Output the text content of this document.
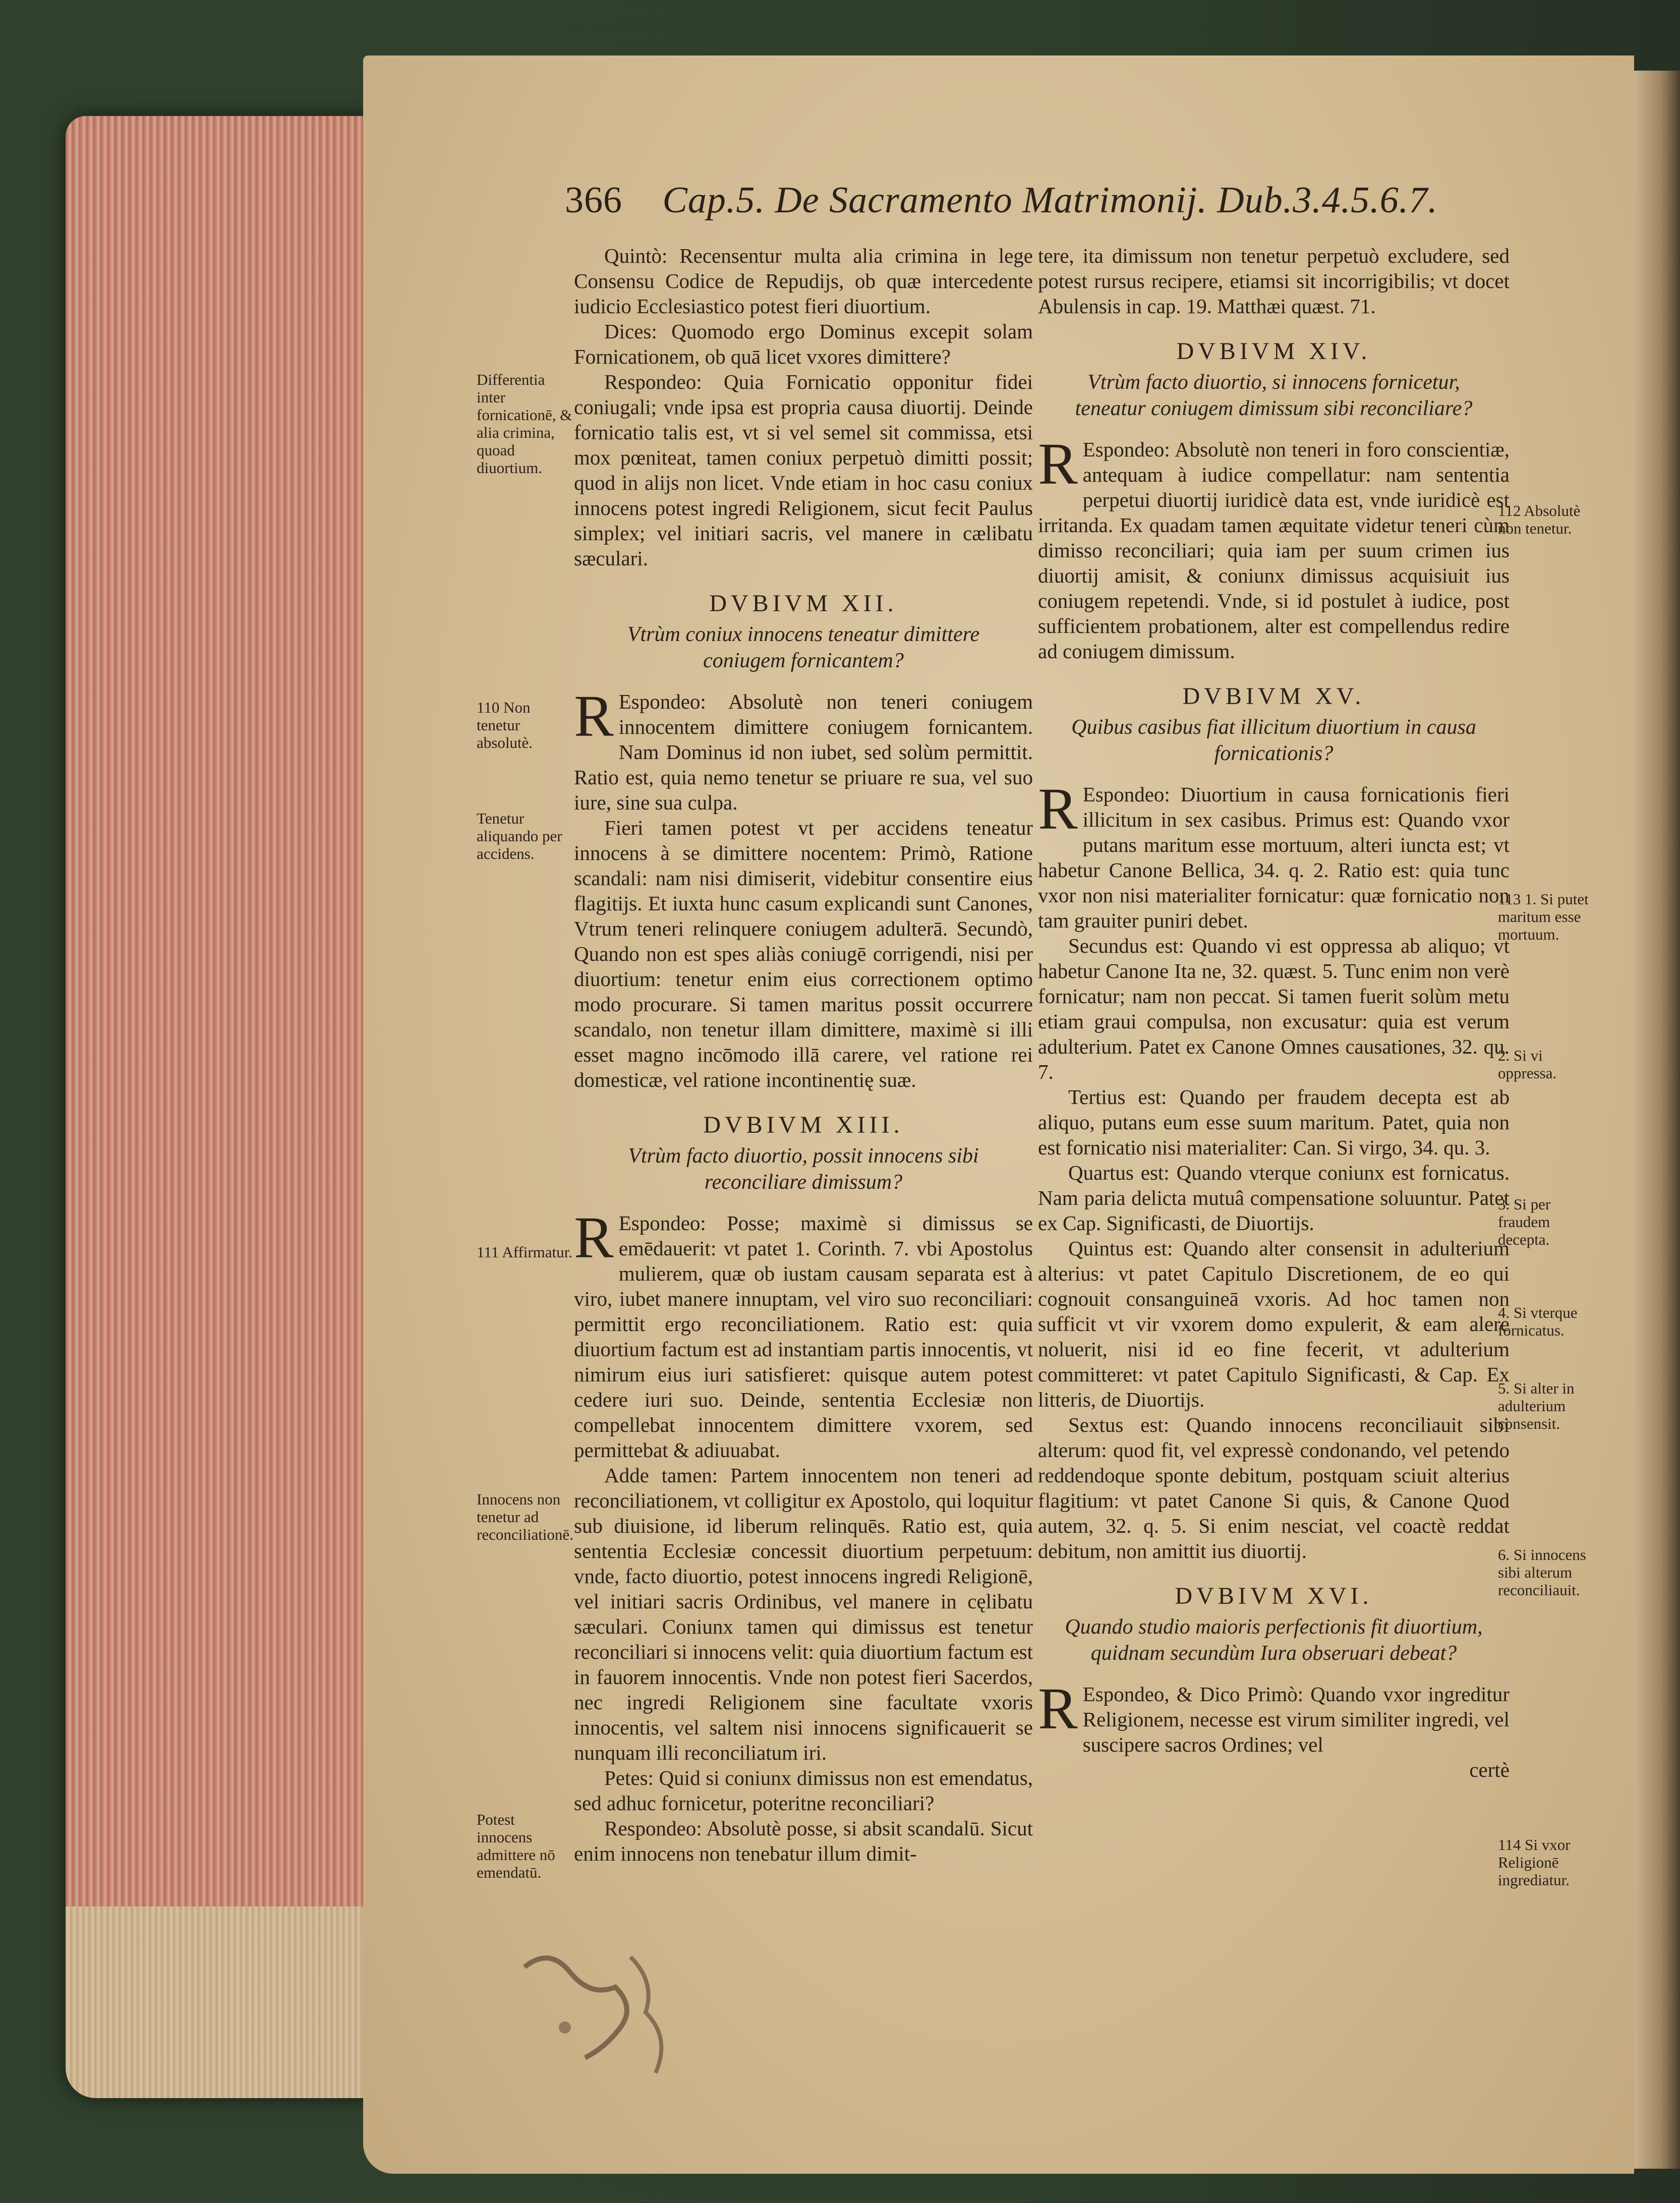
366 Cap.5. De Sacramento Matrimonij. Dub.3.4.5.6.7.

Quintò: Recensentur multa alia crimina in lege Consensu Codice de Repudijs, ob quæ intercedente iudicio Ecclesiastico potest fieri diuortium.

Dices: Quomodo ergo Dominus excepit solam Fornicationem, ob quā licet vxores dimittere?

Respondeo: Quia Fornicatio opponitur fidei coniugali; vnde ipsa est propria causa diuortij. Deinde fornicatio talis est, vt si vel semel sit commissa, etsi mox pœniteat, tamen coniux perpetuò dimitti possit; quod in alijs non licet. Vnde etiam in hoc casu coniux innocens potest ingredi Religionem, sicut fecit Paulus simplex; vel initiari sacris, vel manere in cælibatu sæculari.

DVBIVM XII.
Vtrùm coniux innocens teneatur dimittere coniugem fornicantem?

R Espondeo: Absolutè non teneri coniugem innocentem dimittere coniugem fornicantem. Nam Dominus id non iubet, sed solùm permittit. Ratio est, quia nemo tenetur se priuare re sua, vel suo iure, sine sua culpa.

Fieri tamen potest vt per accidens teneatur innocens à se dimittere nocentem: Primò, Ratione scandali: nam nisi dimiserit, videbitur consentire eius flagitijs. Et iuxta hunc casum explicandi sunt Canones, Vtrum teneri relinquere coniugem adulterā. Secundò, Quando non est spes aliàs coniugē corrigendi, nisi per diuortium: tenetur enim eius correctionem optimo modo procurare. Si tamen maritus possit occurrere scandalo, non tenetur illam dimittere, maximè si illi esset magno incōmodo illā carere, vel ratione rei domesticæ, vel ratione incontinentię suæ.

DVBIVM XIII.
Vtrùm facto diuortio, possit innocens sibi reconciliare dimissum?

R Espondeo: Posse; maximè si dimissus se emēdauerit: vt patet 1. Corinth. 7. vbi Apostolus mulierem, quæ ob iustam causam separata est à viro, iubet manere innuptam, vel viro suo reconciliari: permittit ergo reconciliationem. Ratio est: quia diuortium factum est ad instantiam partis innocentis, vt nimirum eius iuri satisfieret: quisque autem potest cedere iuri suo. Deinde, sententia Ecclesiæ non compellebat innocentem dimittere vxorem, sed permittebat & adiuuabat.

Adde tamen: Partem innocentem non teneri ad reconciliationem, vt colligitur ex Apostolo, qui loquitur sub diuisione, id liberum relinquēs. Ratio est, quia sententia Ecclesiæ concessit diuortium perpetuum: vnde, facto diuortio, potest innocens ingredi Religionē, vel initiari sacris Ordinibus, vel manere in cęlibatu sæculari. Coniunx tamen qui dimissus est tenetur reconciliari si innocens velit: quia diuortium factum est in fauorem innocentis. Vnde non potest fieri Sacerdos, nec ingredi Religionem sine facultate vxoris innocentis, vel saltem nisi innocens significauerit se nunquam illi reconciliatum iri.

Petes: Quid si coniunx dimissus non est emendatus, sed adhuc fornicetur, poteritne reconciliari?

Respondeo: Absolutè posse, si absit scandalū. Sicut enim innocens non tenebatur illum dimit-

tere, ita dimissum non tenetur perpetuò excludere, sed potest rursus recipere, etiamsi sit incorrigibilis; vt docet Abulensis in cap. 19. Matthæi quæst. 71.

DVBIVM XIV.
Vtrùm facto diuortio, si innocens fornicetur, teneatur coniugem dimissum sibi reconciliare?

R Espondeo: Absolutè non teneri in foro conscientiæ, antequam à iudice compellatur: nam sententia perpetui diuortij iuridicè data est, vnde iuridicè est irritanda. Ex quadam tamen æquitate videtur teneri cùm dimisso reconciliari; quia iam per suum crimen ius diuortij amisit, & coniunx dimissus acquisiuit ius coniugem repetendi. Vnde, si id postulet à iudice, post sufficientem probationem, alter est compellendus redire ad coniugem dimissum.

DVBIVM XV.
Quibus casibus fiat illicitum diuortium in causa fornicationis?

R Espondeo: Diuortium in causa fornicationis fieri illicitum in sex casibus. Primus est: Quando vxor putans maritum esse mortuum, alteri iuncta est; vt habetur Canone Bellica, 34. q. 2. Ratio est: quia tunc vxor non nisi materialiter fornicatur: quæ fornicatio non tam grauiter puniri debet.

Secundus est: Quando vi est oppressa ab aliquo; vt habetur Canone Ita ne, 32. quæst. 5. Tunc enim non verè fornicatur; nam non peccat. Si tamen fuerit solùm metu etiam graui compulsa, non excusatur: quia est verum adulterium. Patet ex Canone Omnes causationes, 32. qu. 7.

Tertius est: Quando per fraudem decepta est ab aliquo, putans eum esse suum maritum. Patet, quia non est fornicatio nisi materialiter: Can. Si virgo, 34. qu. 3.

Quartus est: Quando vterque coniunx est fornicatus. Nam paria delicta mutuâ compensatione soluuntur. Patet ex Cap. Significasti, de Diuortijs.

Quintus est: Quando alter consensit in adulterium alterius: vt patet Capitulo Discretionem, de eo qui cognouit consanguineā vxoris. Ad hoc tamen non sufficit vt vir vxorem domo expulerit, & eam alere noluerit, nisi id eo fine fecerit, vt adulterium committeret: vt patet Capitulo Significasti, & Cap. Ex litteris, de Diuortijs.

Sextus est: Quando innocens reconciliauit sibi alterum: quod fit, vel expressè condonando, vel petendo reddendoque sponte debitum, postquam sciuit alterius flagitium: vt patet Canone Si quis, & Canone Quod autem, 32. q. 5. Si enim nesciat, vel coactè reddat debitum, non amittit ius diuortij.

DVBIVM XVI.
Quando studio maioris perfectionis fit diuortium, quidnam secundùm Iura obseruari debeat?

R Espondeo, & Dico Primò: Quando vxor ingreditur Religionem, necesse est virum similiter ingredi, vel suscipere sacros Ordines; vel

certè

Differentia inter fornicationē, & alia crimina, quoad diuortium.
110 Non tenetur absolutè.
Tenetur aliquando per accidens.
111 Affirmatur.
Innocens non tenetur ad reconciliationē.
Potest innocens admittere nō emendatū.
112 Absolutè non tenetur.
113 1. Si putet maritum esse mortuum.
2. Si vi oppressa.
3. Si per fraudem decepta.
4. Si vterque fornicatus.
5. Si alter in adulterium consensit.
6. Si innocens sibi alterum reconciliauit.
114 Si vxor Religionē ingrediatur.
